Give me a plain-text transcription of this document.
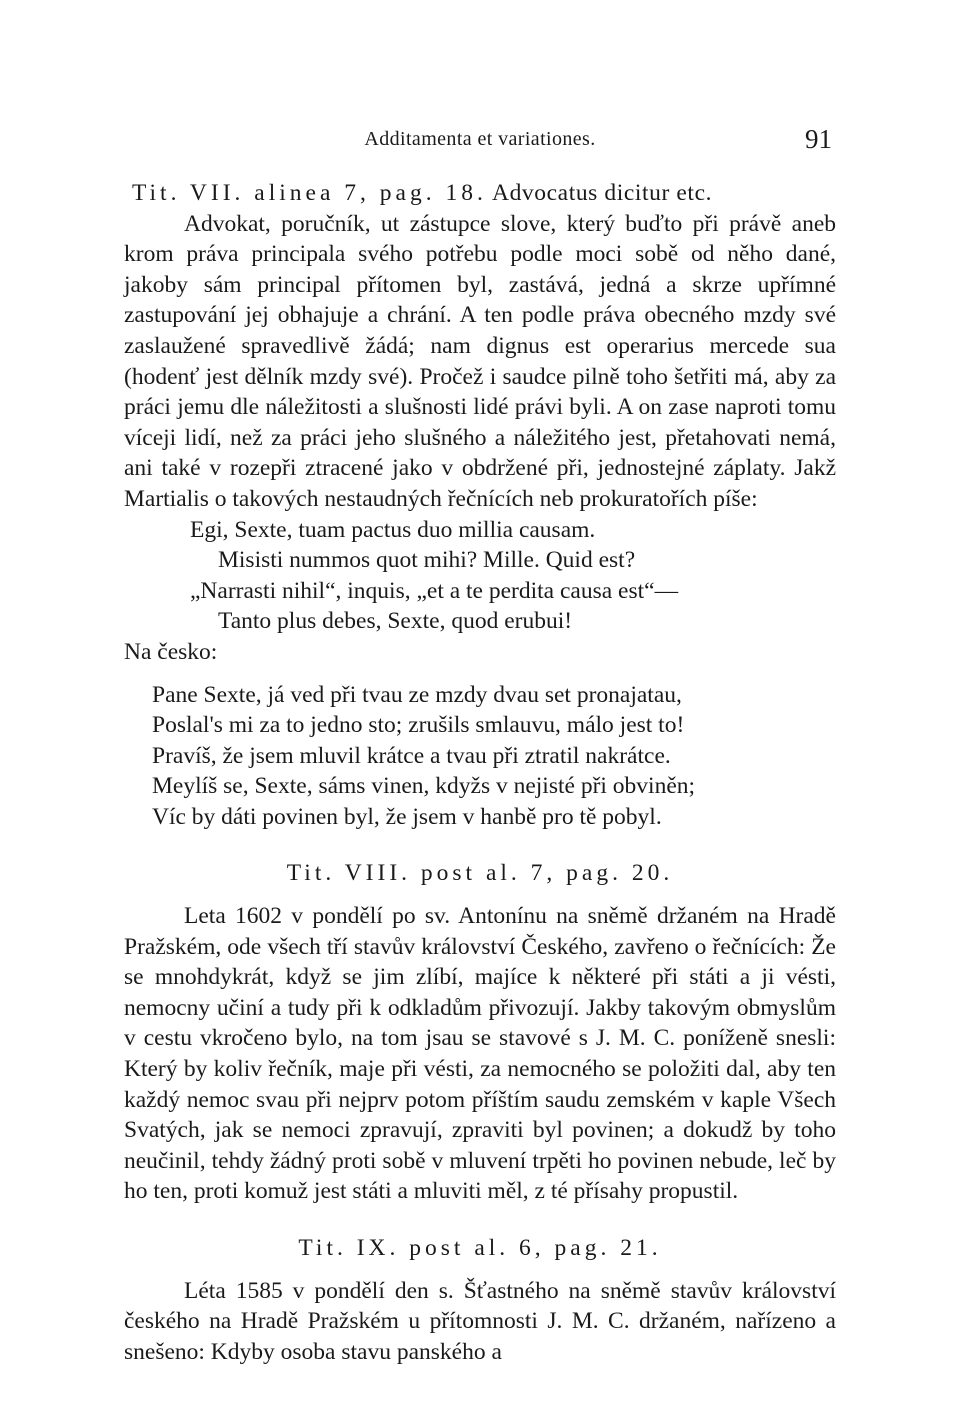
Additamenta et variationes.	91
Tit. VII. alinea 7, pag. 18. Advocatus dicitur etc.

Advokat, poručník, ut zástupce slove, který buďto při právě aneb krom práva principala svého potřebu podle moci sobě od něho dané, jakoby sám principal přítomen byl, zastává, jedná a skrze upřímné zastupování jej obhajuje a chrání. A ten podle práva obecného mzdy své zaslaužené spravedlivě žádá; nam dignus est operarius mercede sua (hodenť jest dělník mzdy své). Pročež i saudce pilně toho šetřiti má, aby za práci jemu dle náležitosti a slušnosti lidé právi byli. A on zase naproti tomu víceji lidí, než za práci jeho slušného a náležitého jest, přetahovati nemá, ani také v rozepři ztracené jako v obdržené při, jednostejné záplaty. Jakž Martialis o takových nestaudných řečnících neb prokuratořích píše:

Egi, Sexte, tuam pactus duo millia causam.
Misisti nummos quot mihi? Mille. Quid est?
„Narrasti nihil“, inquis, „et a te perdita causa est“—
Tanto plus debes, Sexte, quod erubui!
Na česko:
Pane Sexte, já ved při tvau ze mzdy dvau set pronajatau,
Poslal's mi za to jedno sto; zrušils smlauvu, málo jest to!
Pravíš, že jsem mluvil krátce a tvau při ztratil nakrátce.
Meylíš se, Sexte, sáms vinen, kdyžs v nejisté při obviněn;
Víc by dáti povinen byl, že jsem v hanbě pro tě pobyl.
Tit. VIII. post al. 7, pag. 20.

Leta 1602 v pondělí po sv. Antonínu na sněmě držaném na Hradě Pražském, ode všech tří stavův království Českého, zavřeno o řečnících: Že se mnohdykrát, když se jim zlíbí, majíce k některé při státi a ji vésti, nemocny učiní a tudy při k odkladům přivozují. Jakby takovým obmyslům v cestu vkročeno bylo, na tom jsau se stavové s J. M. C. poníženě snesli: Který by koliv řečník, maje při vésti, za nemocného se položiti dal, aby ten každý nemoc svau při nejprv potom příštím saudu zemském v kaple Všech Svatých, jak se nemoci zpravují, zpraviti byl povinen; a dokudž by toho neučinil, tehdy žádný proti sobě v mluvení trpěti ho povinen nebude, leč by ho ten, proti komuž jest státi a mluviti měl, z té přísahy propustil.

Tit. IX. post al. 6, pag. 21.

Léta 1585 v pondělí den s. Šťastného na sněmě stavův království českého na Hradě Pražském u přítomnosti J. M. C. držaném, nařízeno a snešeno: Kdyby osoba stavu panského a
